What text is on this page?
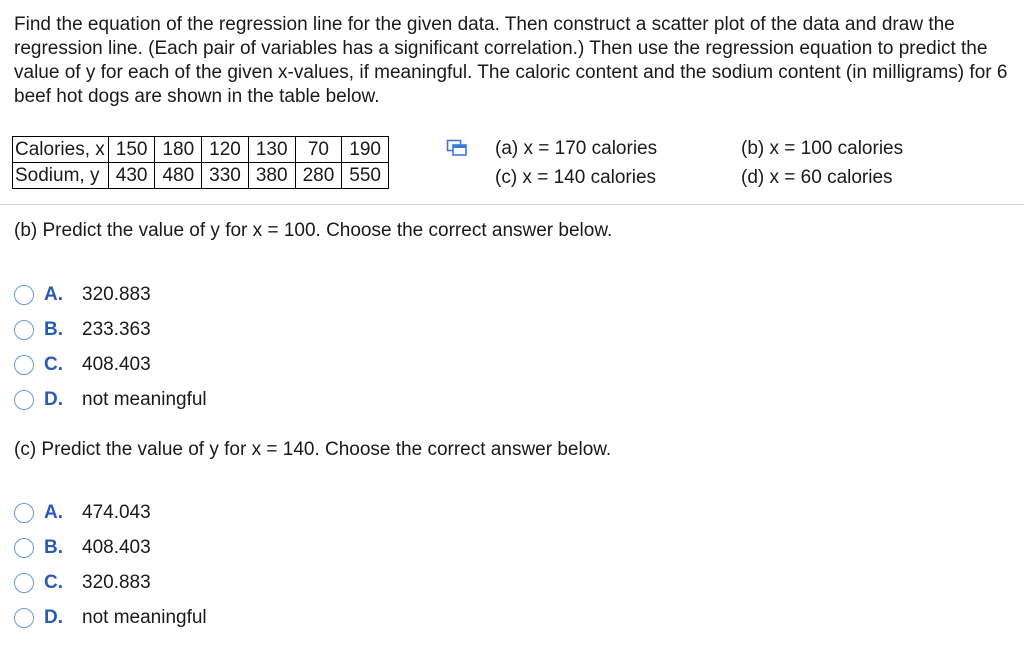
Find the equation of the regression line for the given data. Then construct a scatter plot of the data and draw the regression line. (Each pair of variables has a significant correlation.) Then use the regression equation to predict the value of y for each of the given x-values, if meaningful. The caloric content and the sodium content (in milligrams) for 6 beef hot dogs are shown in the table below.
Calories, x	150	180	120	130	70	190
Sodium, y	430	480	330	380	280	550
(a) x = 170 calories
(c) x = 140 calories
(b) x = 100 calories
(d) x = 60 calories
(b) Predict the value of y for x = 100. Choose the correct answer below.
A.	320.883
B.	233.363
C.	408.403
D.	not meaningful
(c) Predict the value of y for x = 140. Choose the correct answer below.
A.	474.043
B.	408.403
C.	320.883
D.	not meaningful
